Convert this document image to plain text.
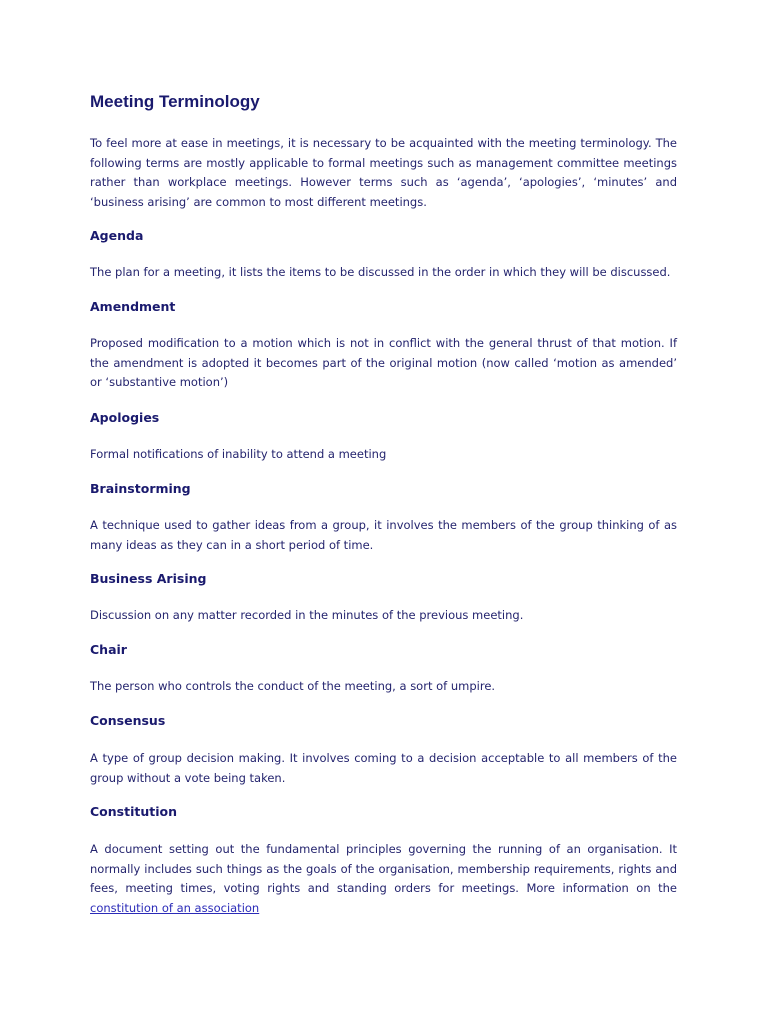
Meeting Terminology

To feel more at ease in meetings, it is necessary to be acquainted with the meeting terminology. The following terms are mostly applicable to formal meetings such as management committee meetings rather than workplace meetings. However terms such as ‘agenda’, ‘apologies’, ‘minutes’ and ‘business arising’ are common to most different meetings.

Agenda

The plan for a meeting, it lists the items to be discussed in the order in which they will be discussed.

Amendment

Proposed modification to a motion which is not in conflict with the general thrust of that motion. If the amendment is adopted it becomes part of the original motion (now called ‘motion as amended’ or ‘substantive motion’)

Apologies

Formal notifications of inability to attend a meeting

Brainstorming

A technique used to gather ideas from a group, it involves the members of the group thinking of as many ideas as they can in a short period of time.

Business Arising

Discussion on any matter recorded in the minutes of the previous meeting.

Chair

The person who controls the conduct of the meeting, a sort of umpire.

Consensus

A type of group decision making. It involves coming to a decision acceptable to all members of the group without a vote being taken.

Constitution

A document setting out the fundamental principles governing the running of an organisation. It normally includes such things as the goals of the organisation, membership requirements, rights and fees, meeting times, voting rights and standing orders for meetings. More information on the constitution of an association
